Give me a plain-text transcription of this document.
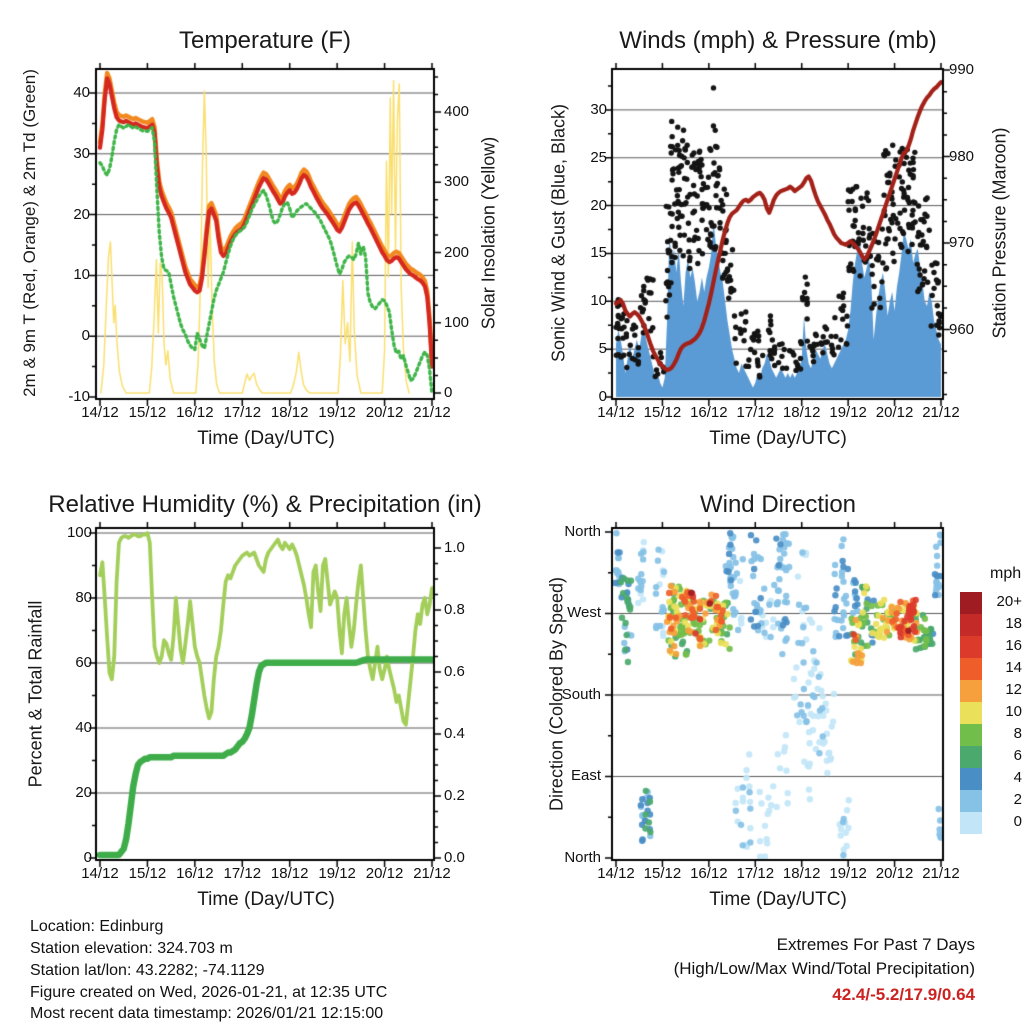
Temperature (F)	Winds (mph) & Pressure (mb)
Relative Humidity (%) & Precipitation (in)	Wind Direction
2m & 9m T (Red, Orange) & 2m Td (Green)	Solar Insolation (Yellow)	Sonic Wind & Gust (Blue, Black)	Station Pressure (Maroon)
Percent & Total Rainfall	Direction (Colored By Speed)
Time (Day/UTC)	Time (Day/UTC)
Time (Day/UTC)	Time (Day/UTC)
mph
20+
18
16
14
12
10
8
6
4
2
0
Location: Edinburg
Station elevation: 324.703 m
Station lat/lon: 43.2282; -74.1129
Figure created on Wed, 2026-01-21, at 12:35 UTC
Most recent data timestamp: 2026/01/21 12:15:00
Extremes For Past 7 Days
(High/Low/Max Wind/Total Precipitation)
42.4/-5.2/17.9/0.64
14/12 15/12 16/12 17/12 18/12 19/12 20/12 21/12	14/12 15/12 16/12 17/12 18/12 19/12 20/12 21/12
14/12 15/12 16/12 17/12 18/12 19/12 20/12 21/12	14/12 15/12 16/12 17/12 18/12 19/12 20/12 21/12
-10
0
10
20
30
40
0
100
200
300
400
0
5
10
15
20
25
30
960
970
980
990
0
20
40
60
80
100
0.0
0.2
0.4
0.6
0.8
1.0
North
West
South
East
North
